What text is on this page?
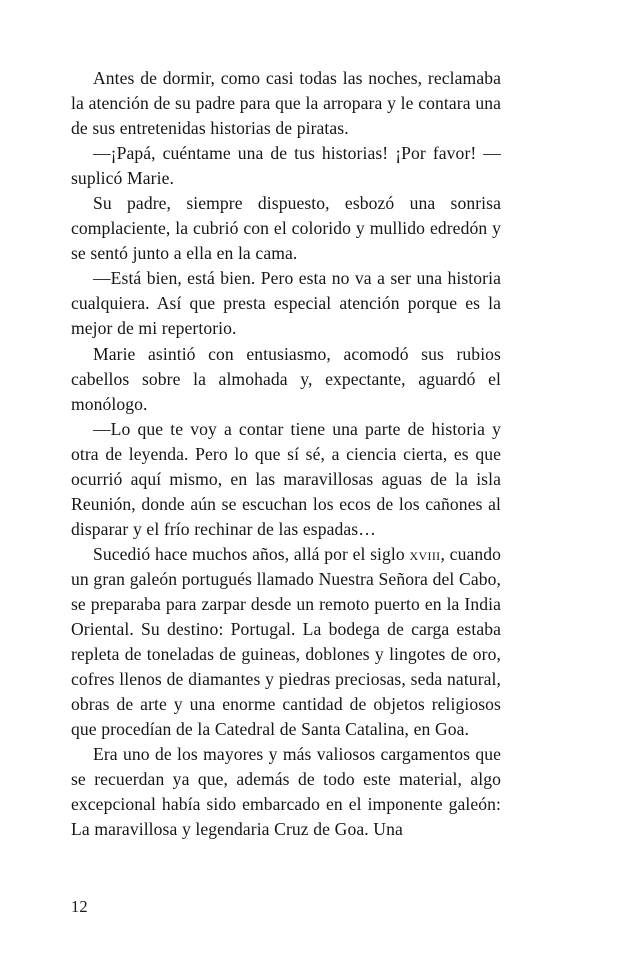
Antes de dormir, como casi todas las noches, reclamaba la atención de su padre para que la arropara y le contara una de sus entretenidas historias de piratas.

—¡Papá, cuéntame una de tus historias! ¡Por favor! —suplicó Marie.

Su padre, siempre dispuesto, esbozó una sonrisa complaciente, la cubrió con el colorido y mullido edredón y se sentó junto a ella en la cama.

—Está bien, está bien. Pero esta no va a ser una historia cualquiera. Así que presta especial atención porque es la mejor de mi repertorio.

Marie asintió con entusiasmo, acomodó sus rubios cabellos sobre la almohada y, expectante, aguardó el monólogo.

—Lo que te voy a contar tiene una parte de historia y otra de leyenda. Pero lo que sí sé, a ciencia cierta, es que ocurrió aquí mismo, en las maravillosas aguas de la isla Reunión, donde aún se escuchan los ecos de los cañones al disparar y el frío rechinar de las espadas…

Sucedió hace muchos años, allá por el siglo xviii, cuando un gran galeón portugués llamado Nuestra Señora del Cabo, se preparaba para zarpar desde un remoto puerto en la India Oriental. Su destino: Portugal. La bodega de carga estaba repleta de toneladas de guineas, doblones y lingotes de oro, cofres llenos de diamantes y piedras preciosas, seda natural, obras de arte y una enorme cantidad de objetos religiosos que procedían de la Catedral de Santa Catalina, en Goa.

Era uno de los mayores y más valiosos cargamentos que se recuerdan ya que, además de todo este material, algo excepcional había sido embarcado en el imponente galeón: La maravillosa y legendaria Cruz de Goa. Una

12
